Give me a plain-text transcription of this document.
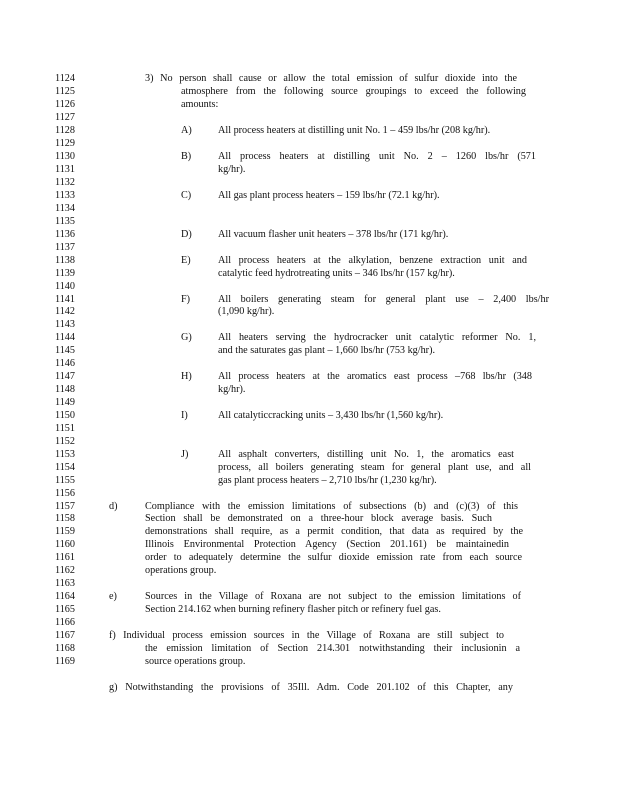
1124
1125
1126
1127
1128
1129
1130
1131
1132
1133
1134
1135
1136
1137
1138
1139
1140
1141
1142
1143
1144
1145
1146
1147
1148
1149
1150
1151
1152
1153
1154
1155
1156
1157
1158
1159
1160
1161
1162
1163
1164
1165
1166
1167
1168
1169
3) No person shall cause or allow the total emission of sulfur dioxide into the
atmosphere from the following source groupings to exceed the following
amounts:
A)	All process heaters at distilling unit No. 1 – 459 lbs/hr (208 kg/hr).
B)	All process heaters at distilling unit No. 2 – 1260 lbs/hr (571
kg/hr).
C)	All gas plant process heaters – 159 lbs/hr (72.1 kg/hr).
D)	All vacuum flasher unit heaters – 378 lbs/hr (171 kg/hr).
E)	All process heaters at the alkylation, benzene extraction unit and
catalytic feed hydrotreating units – 346 lbs/hr (157 kg/hr).
F)	All boilers generating steam for general plant use – 2,400 lbs/hr
(1,090 kg/hr).
G)	All heaters serving the hydrocracker unit catalytic reformer No. 1,
and the saturates gas plant – 1,660 lbs/hr (753 kg/hr).
H)	All process heaters at the aromatics east process –768 lbs/hr (348
kg/hr).
I)	All catalyticcracking units – 3,430 lbs/hr (1,560 kg/hr).
J)	All asphalt converters, distilling unit No. 1, the aromatics east
process, all boilers generating steam for general plant use, and all
gas plant process heaters – 2,710 lbs/hr (1,230 kg/hr).
d)	Compliance with the emission limitations of subsections (b) and (c)(3) of this
Section shall be demonstrated on a three-hour block average basis. Such
demonstrations shall require, as a permit condition, that data as required by the
Illinois Environmental Protection Agency (Section 201.161) be maintainedin
order to adequately determine the sulfur dioxide emission rate from each source
operations group.
e)	Sources in the Village of Roxana are not subject to the emission limitations of
Section 214.162 when burning refinery flasher pitch or refinery fuel gas.
f) Individual process emission sources in the Village of Roxana are still subject to
the emission limitation of Section 214.301 notwithstanding their inclusionin a
source operations group.
g) Notwithstanding the provisions of 35Ill. Adm. Code 201.102 of this Chapter, any
